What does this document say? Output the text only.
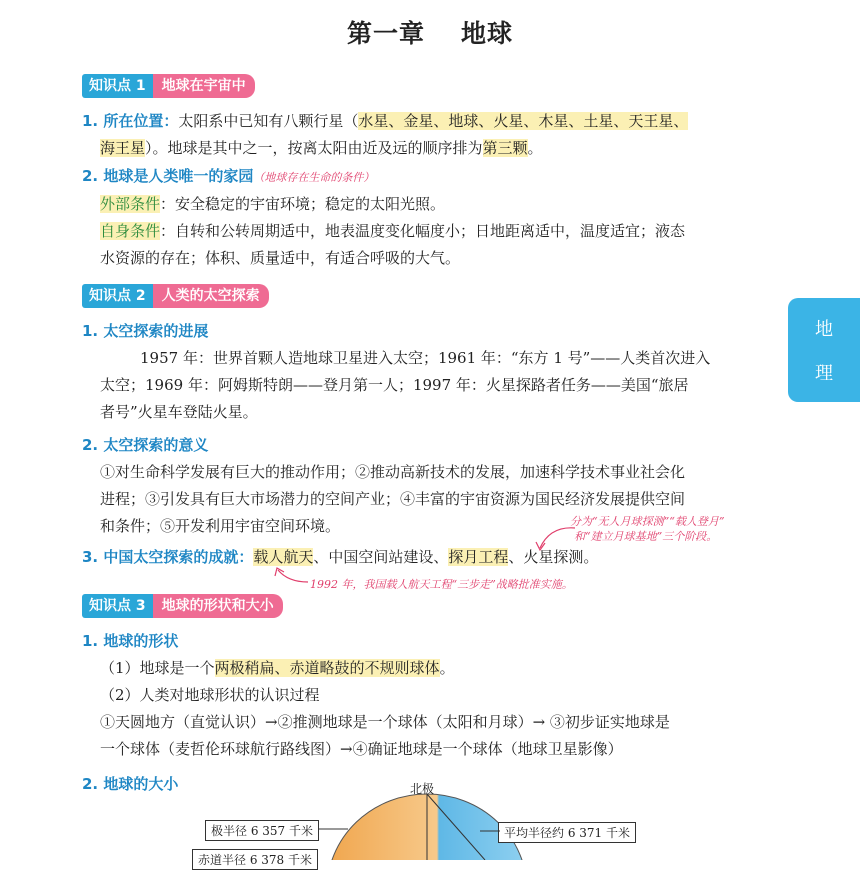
第一章 地球
地
理
知识点 1	地球在宇宙中
1. 所在位置：太阳系中已知有八颗行星（水星、金星、地球、火星、木星、土星、天王星、
海王星）。地球是其中之一，按离太阳由近及远的顺序排为第三颗。
2. 地球是人类唯一的家园（地球存在生命的条件）
外部条件：安全稳定的宇宙环境；稳定的太阳光照。
自身条件：自转和公转周期适中，地表温度变化幅度小；日地距离适中，温度适宜；液态
水资源的存在；体积、质量适中，有适合呼吸的大气。
知识点 2	人类的太空探索
1. 太空探索的进展
1957 年：世界首颗人造地球卫星进入太空；1961 年：“东方 1 号”——人类首次进入
太空；1969 年：阿姆斯特朗——登月第一人；1997 年：火星探路者任务——美国“旅居
者号”火星车登陆火星。
2. 太空探索的意义
①对生命科学发展有巨大的推动作用；②推动高新技术的发展，加速科学技术事业社会化
进程；③引发具有巨大市场潜力的空间产业；④丰富的宇宙资源为国民经济发展提供空间
和条件；⑤开发利用宇宙空间环境。	分为“无人月球探测”“载人登月”
和“建立月球基地”三个阶段。
3. 中国太空探索的成就：载人航天、中国空间站建设、探月工程、火星探测。
1992 年，我国载人航天工程“三步走”战略批准实施。
知识点 3	地球的形状和大小
1. 地球的形状
（1）地球是一个两极稍扁、赤道略鼓的不规则球体。
（2）人类对地球形状的认识过程
①天圆地方（直觉认识）→②推测地球是一个球体（太阳和月球）→ ③初步证实地球是
一个球体（麦哲伦环球航行路线图）→④确证地球是一个球体（地球卫星影像）
2. 地球的大小	北极
极半径 6 357 千米	平均半径约 6 371 千米
赤道半径 6 378 千米
